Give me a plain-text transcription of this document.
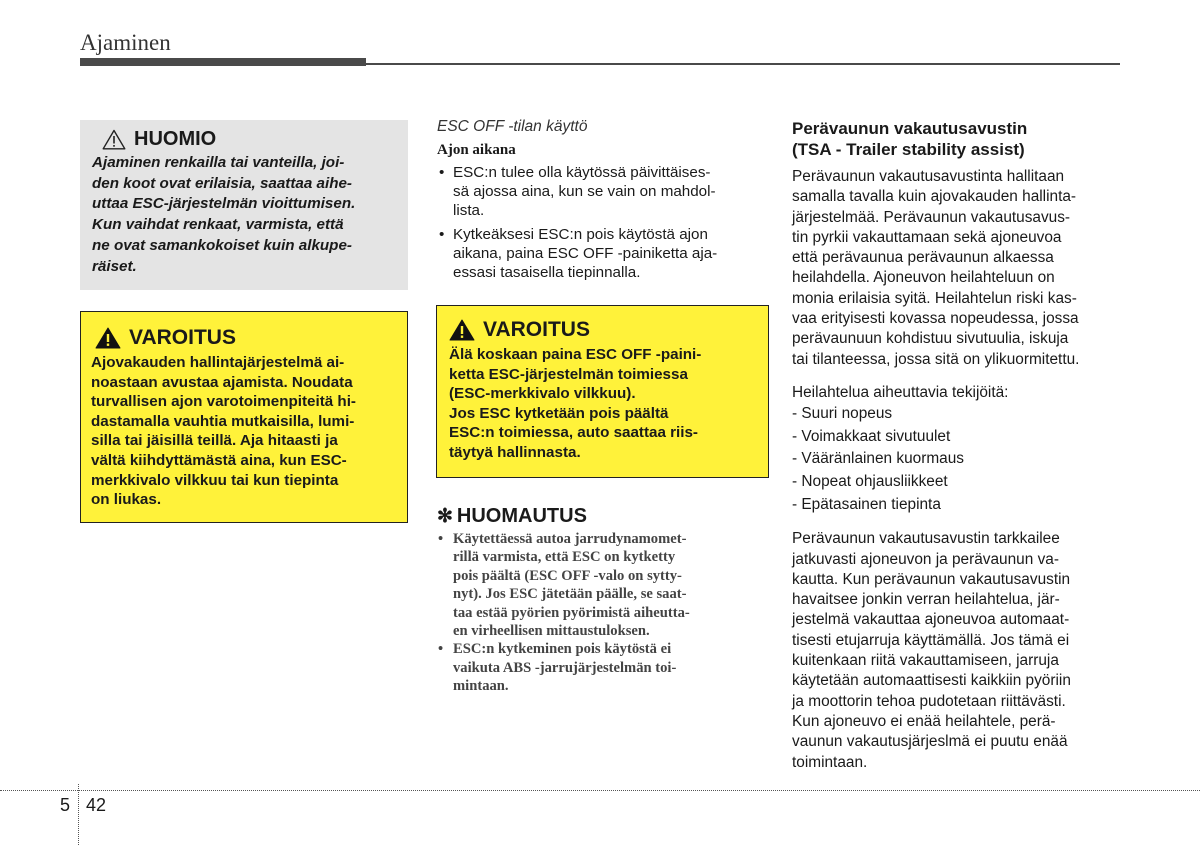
Ajaminen
HUOMIO
Ajaminen renkailla tai vanteilla, joi-
den koot ovat erilaisia, saattaa aihe-
uttaa ESC-järjestelmän vioittumisen.
Kun vaihdat renkaat, varmista, että
ne ovat samankokoiset kuin alkupe-
räiset.
VAROITUS
Ajovakauden hallintajärjestelmä ai-
noastaan avustaa ajamista. Noudata
turvallisen ajon varotoimenpiteitä hi-
dastamalla vauhtia mutkaisilla, lumi-
silla tai jäisillä teillä. Aja hitaasti ja
vältä kiihdyttämästä aina, kun ESC-
merkkivalo vilkkuu tai kun tiepinta
on liukas.
ESC OFF -tilan käyttö
Ajon aikana
• ESC:n tulee olla käytössä päivittäises-
sä ajossa aina, kun se vain on mahdol-
lista.
• Kytkeäksesi ESC:n pois käytöstä ajon
aikana, paina ESC OFF -painiketta aja-
essasi tasaisella tiepinnalla.
VAROITUS
Älä koskaan paina ESC OFF -paini-
ketta ESC-järjestelmän toimiessa
(ESC-merkkivalo vilkkuu).
Jos ESC kytketään pois päältä
ESC:n toimiessa, auto saattaa riis-
täytyä hallinnasta.
✻ HUOMAUTUS
• Käytettäessä autoa jarrudynamomet-
rillä varmista, että ESC on kytketty
pois päältä (ESC OFF -valo on sytty-
nyt). Jos ESC jätetään päälle, se saat-
taa estää pyörien pyörimistä aiheutta-
en virheellisen mittaustuloksen.
• ESC:n kytkeminen pois käytöstä ei
vaikuta ABS -jarrujärjestelmän toi-
mintaan.
Perävaunun vakautusavustin
(TSA - Trailer stability assist)
Perävaunun vakautusavustinta hallitaan
samalla tavalla kuin ajovakauden hallinta-
järjestelmää. Perävaunun vakautusavus-
tin pyrkii vakauttamaan sekä ajoneuvoa
että perävaunua perävaunun alkaessa
heilahdella. Ajoneuvon heilahteluun on
monia erilaisia syitä. Heilahtelun riski kas-
vaa erityisesti kovassa nopeudessa, jossa
perävaunuun kohdistuu sivutuulia, iskuja
tai tilanteessa, jossa sitä on ylikuormitettu.
Heilahtelua aiheuttavia tekijöitä:
- Suuri nopeus
- Voimakkaat sivutuulet
- Vääränlainen kuormaus
- Nopeat ohjausliikkeet
- Epätasainen tiepinta
Perävaunun vakautusavustin tarkkailee
jatkuvasti ajoneuvon ja perävaunun va-
kautta. Kun perävaunun vakautusavustin
havaitsee jonkin verran heilahtelua, jär-
jestelmä vakauttaa ajoneuvoa automaat-
tisesti etujarruja käyttämällä. Jos tämä ei
kuitenkaan riitä vakauttamiseen, jarruja
käytetään automaattisesti kaikkiin pyöriin
ja moottorin tehoa pudotetaan riittävästi.
Kun ajoneuvo ei enää heilahtele, perä-
vaunun vakautusjärjeslmä ei puutu enää
toimintaan.
5 42
